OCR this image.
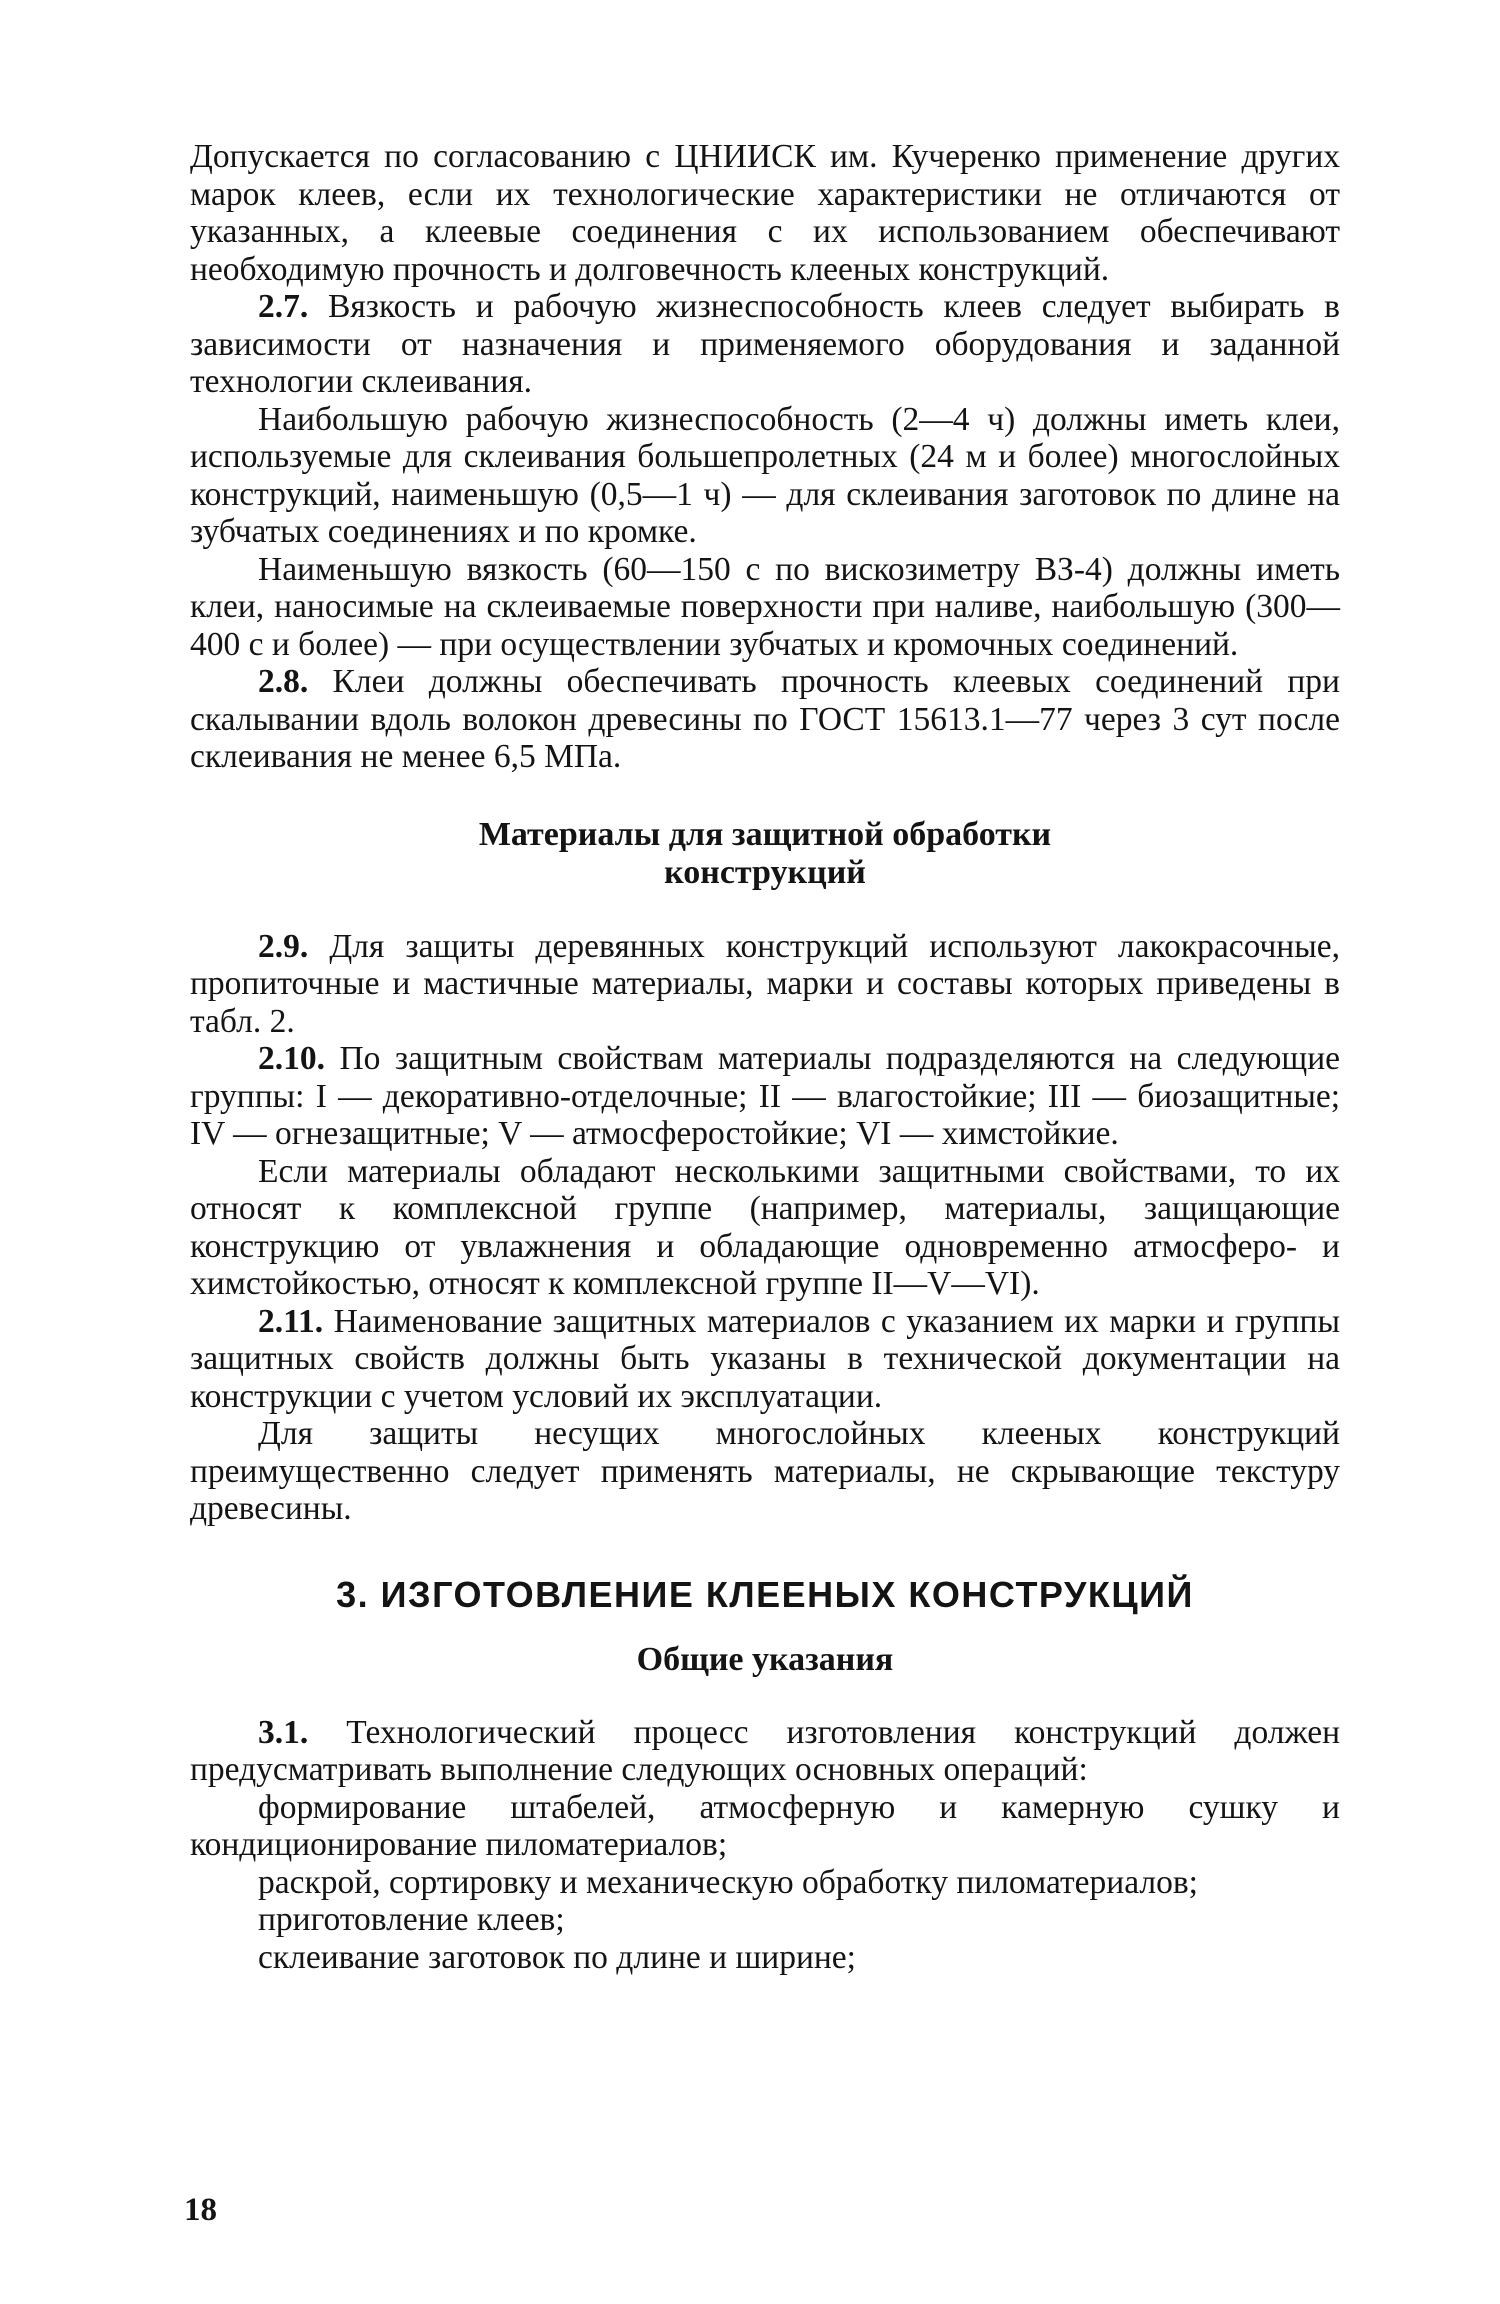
Допускается по согласованию с ЦНИИСК им. Кучеренко применение других марок клеев, если их технологические характеристики не отличаются от указанных, а клеевые соединения с их использованием обеспечивают необходимую прочность и долговечность клееных конструкций.

2.7. Вязкость и рабочую жизнеспособность клеев следует выбирать в зависимости от назначения и применяемого оборудования и заданной технологии склеивания.

Наибольшую рабочую жизнеспособность (2—4 ч) должны иметь клеи, используемые для склеивания большепролетных (24 м и более) многослойных конструкций, наименьшую (0,5—1 ч) — для склеивания заготовок по длине на зубчатых соединениях и по кромке.

Наименьшую вязкость (60—150 с по вискозиметру ВЗ-4) должны иметь клеи, наносимые на склеиваемые поверхности при наливе, наибольшую (300—400 с и более) — при осуществлении зубчатых и кромочных соединений.

2.8. Клеи должны обеспечивать прочность клеевых соединений при скалывании вдоль волокон древесины по ГОСТ 15613.1—77 через 3 сут после склеивания не менее 6,5 МПа.

Материалы для защитной обработки
конструкций

2.9. Для защиты деревянных конструкций используют лакокрасочные, пропиточные и мастичные материалы, марки и составы которых приведены в табл. 2.

2.10. По защитным свойствам материалы подразделяются на следующие группы: I — декоративно-отделочные; II — влагостойкие; III — биозащитные; IV — огнезащитные; V — атмосферостойкие; VI — химстойкие.

Если материалы обладают несколькими защитными свойствами, то их относят к комплексной группе (например, материалы, защищающие конструкцию от увлажнения и обладающие одновременно атмосферо- и химстойкостью, относят к комплексной группе II—V—VI).

2.11. Наименование защитных материалов с указанием их марки и группы защитных свойств должны быть указаны в технической документации на конструкции с учетом условий их эксплуатации.

Для защиты несущих многослойных клееных конструкций преимущественно следует применять материалы, не скрывающие текстуру древесины.

3. ИЗГОТОВЛЕНИЕ КЛЕЕНЫХ КОНСТРУКЦИЙ
Общие указания

3.1. Технологический процесс изготовления конструкций должен предусматривать выполнение следующих основных операций:

формирование штабелей, атмосферную и камерную сушку и кондиционирование пиломатериалов;

раскрой, сортировку и механическую обработку пиломатериалов;

приготовление клеев;

склеивание заготовок по длине и ширине;

18
